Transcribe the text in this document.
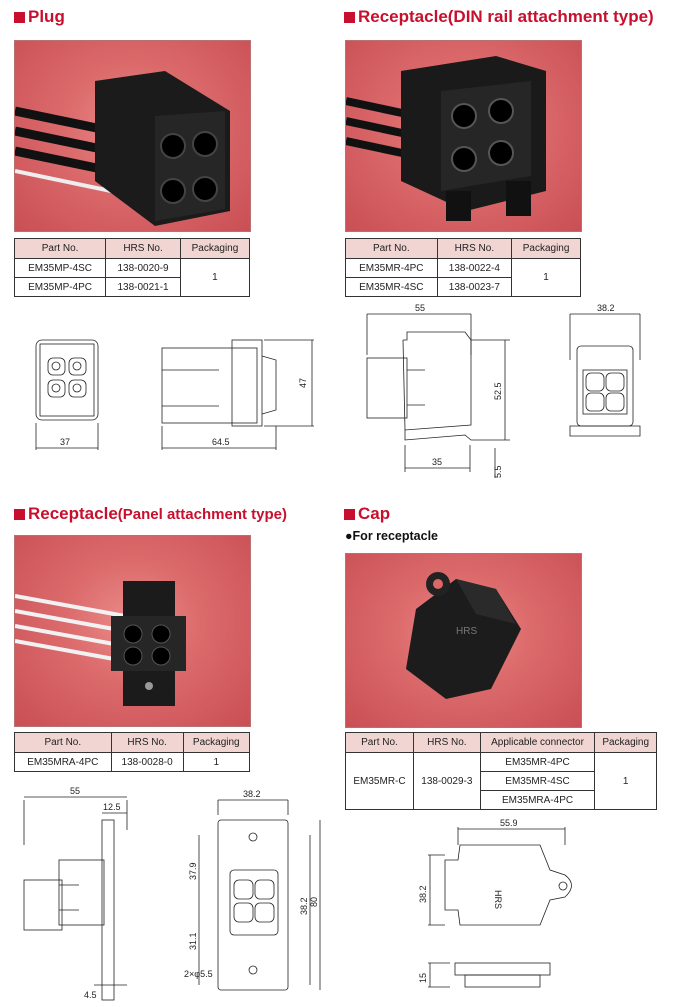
Plug
Part No.	HRS No.	Packaging
EM35MP-4SC	138-0020-9	1
EM35MP-4PC	138-0021-1	
37	64.5
47
Receptacle(DIN rail attachment type)
Part No.	HRS No.	Packaging
EM35MR-4PC	138-0022-4	1
EM35MR-4SC	138-0023-7	
55
52.5
35
5.5
38.2
Receptacle (Panel attachment type)
Part No.	HRS No.	Packaging
EM35MRA-4PC	138-0028-0	1
55
12.5
4.5
38.2
37.9
31.1
38.2 80
2×φ5.5
Cap
●For receptacle
HRS
Part No.	HRS No.	Applicable connector	Packaging
EM35MR-C	138-0029-3	EM35MR-4PC	1
		EM35MR-4SC	
		EM35MRA-4PC	
HRS
55.9
38.2
15
